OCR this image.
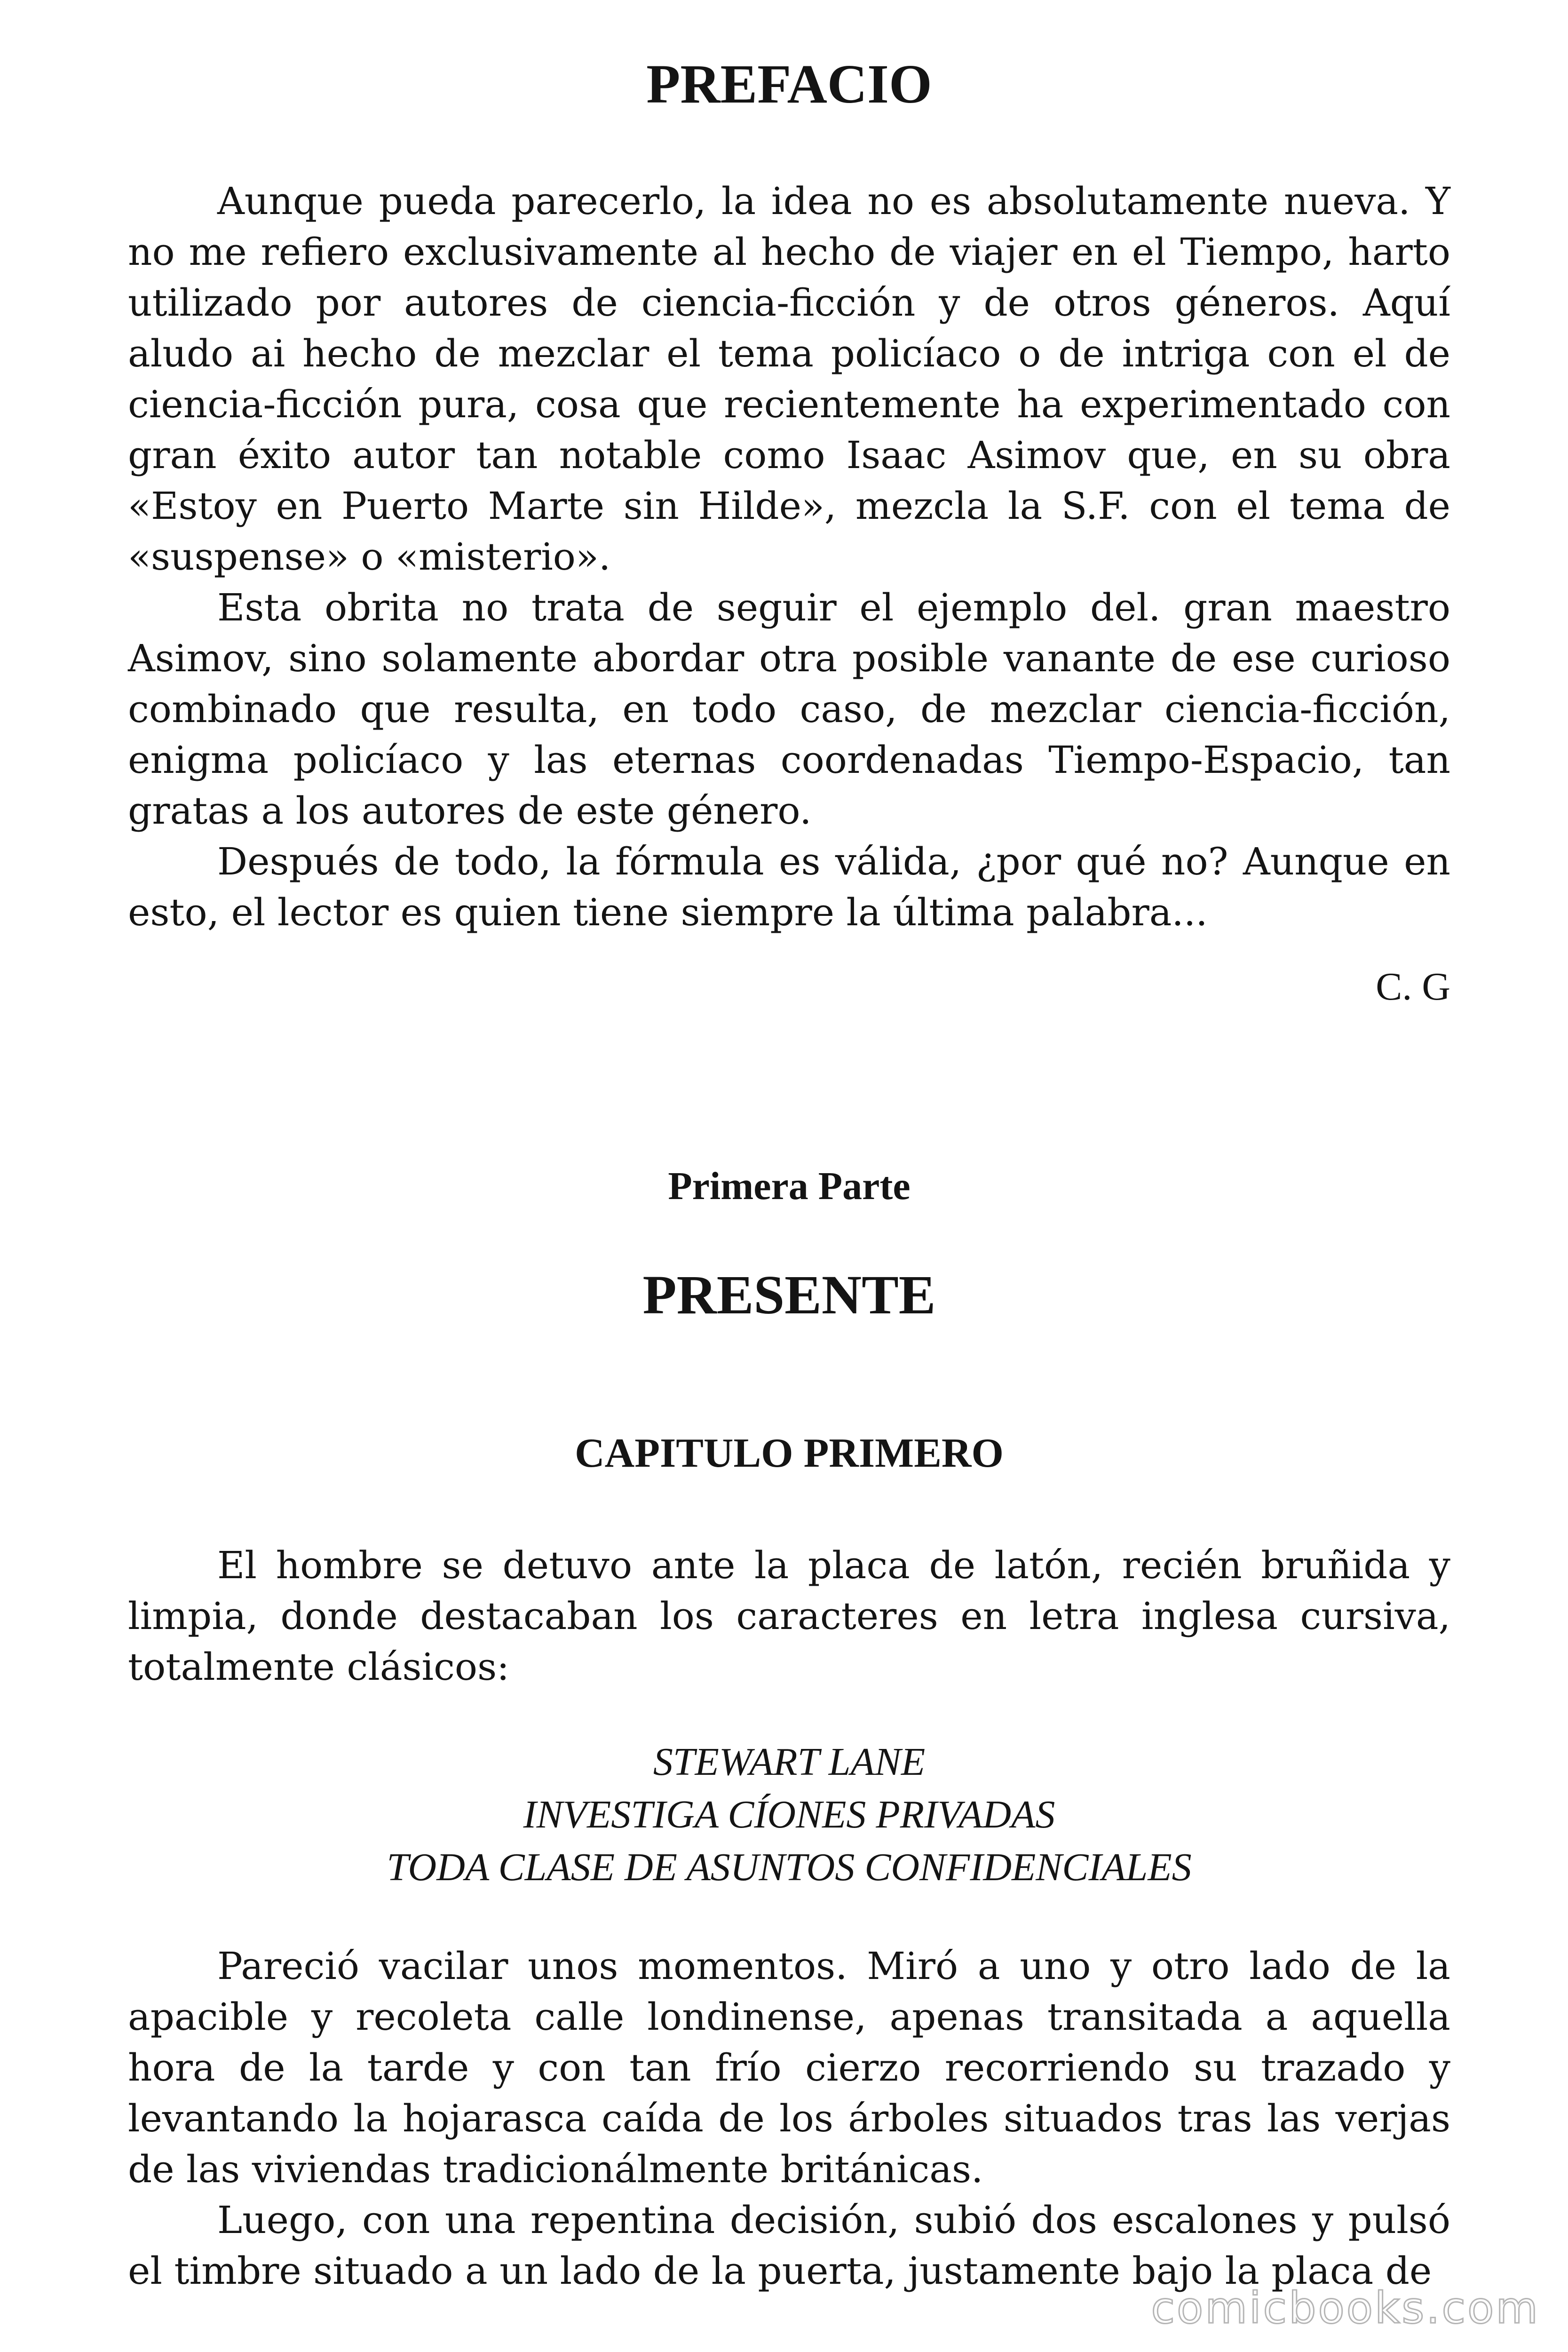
PREFACIO

Aunque pueda parecerlo, la idea no es absolutamente nueva. Y no me refiero exclusivamente al hecho de viajer en el Tiempo, harto utilizado por autores de ciencia-ficción y de otros géneros. Aquí aludo ai hecho de mezclar el tema policíaco o de intriga con el de ciencia-ficción pura, cosa que recientemente ha experimentado con gran éxito autor tan notable como Isaac Asimov que, en su obra «Estoy en Puerto Marte sin Hilde», mezcla la S.F. con el tema de «suspense» o «misterio».

Esta obrita no trata de seguir el ejemplo del. gran maestro Asimov, sino solamente abordar otra posible vanante de ese curioso combinado que resulta, en todo caso, de mezclar ciencia-ficción, enigma policíaco y las eternas coordenadas Tiempo-Espacio, tan gratas a los autores de este género.

Después de todo, la fórmula es válida, ¿por qué no? Aunque en esto, el lector es quien tiene siempre la última palabra...

C. G

Primera Parte
PRESENTE
CAPITULO PRIMERO

El hombre se detuvo ante la placa de latón, recién bruñida y limpia, donde destacaban los caracteres en letra inglesa cursiva, totalmente clásicos:

STEWART LANE
INVESTIGA CÍONES PRIVADAS
TODA CLASE DE ASUNTOS CONFIDENCIALES

Pareció vacilar unos momentos. Miró a uno y otro lado de la apacible y recoleta calle londinense, apenas transitada a aquella hora de la tarde y con tan frío cierzo recorriendo su trazado y levantando la hojarasca caída de los árboles situados tras las verjas de las viviendas tradicionálmente británicas.

Luego, con una repentina decisión, subió dos escalones y pulsó el timbre situado a un lado de la puerta, justamente bajo la placa de

comicbooks.com
